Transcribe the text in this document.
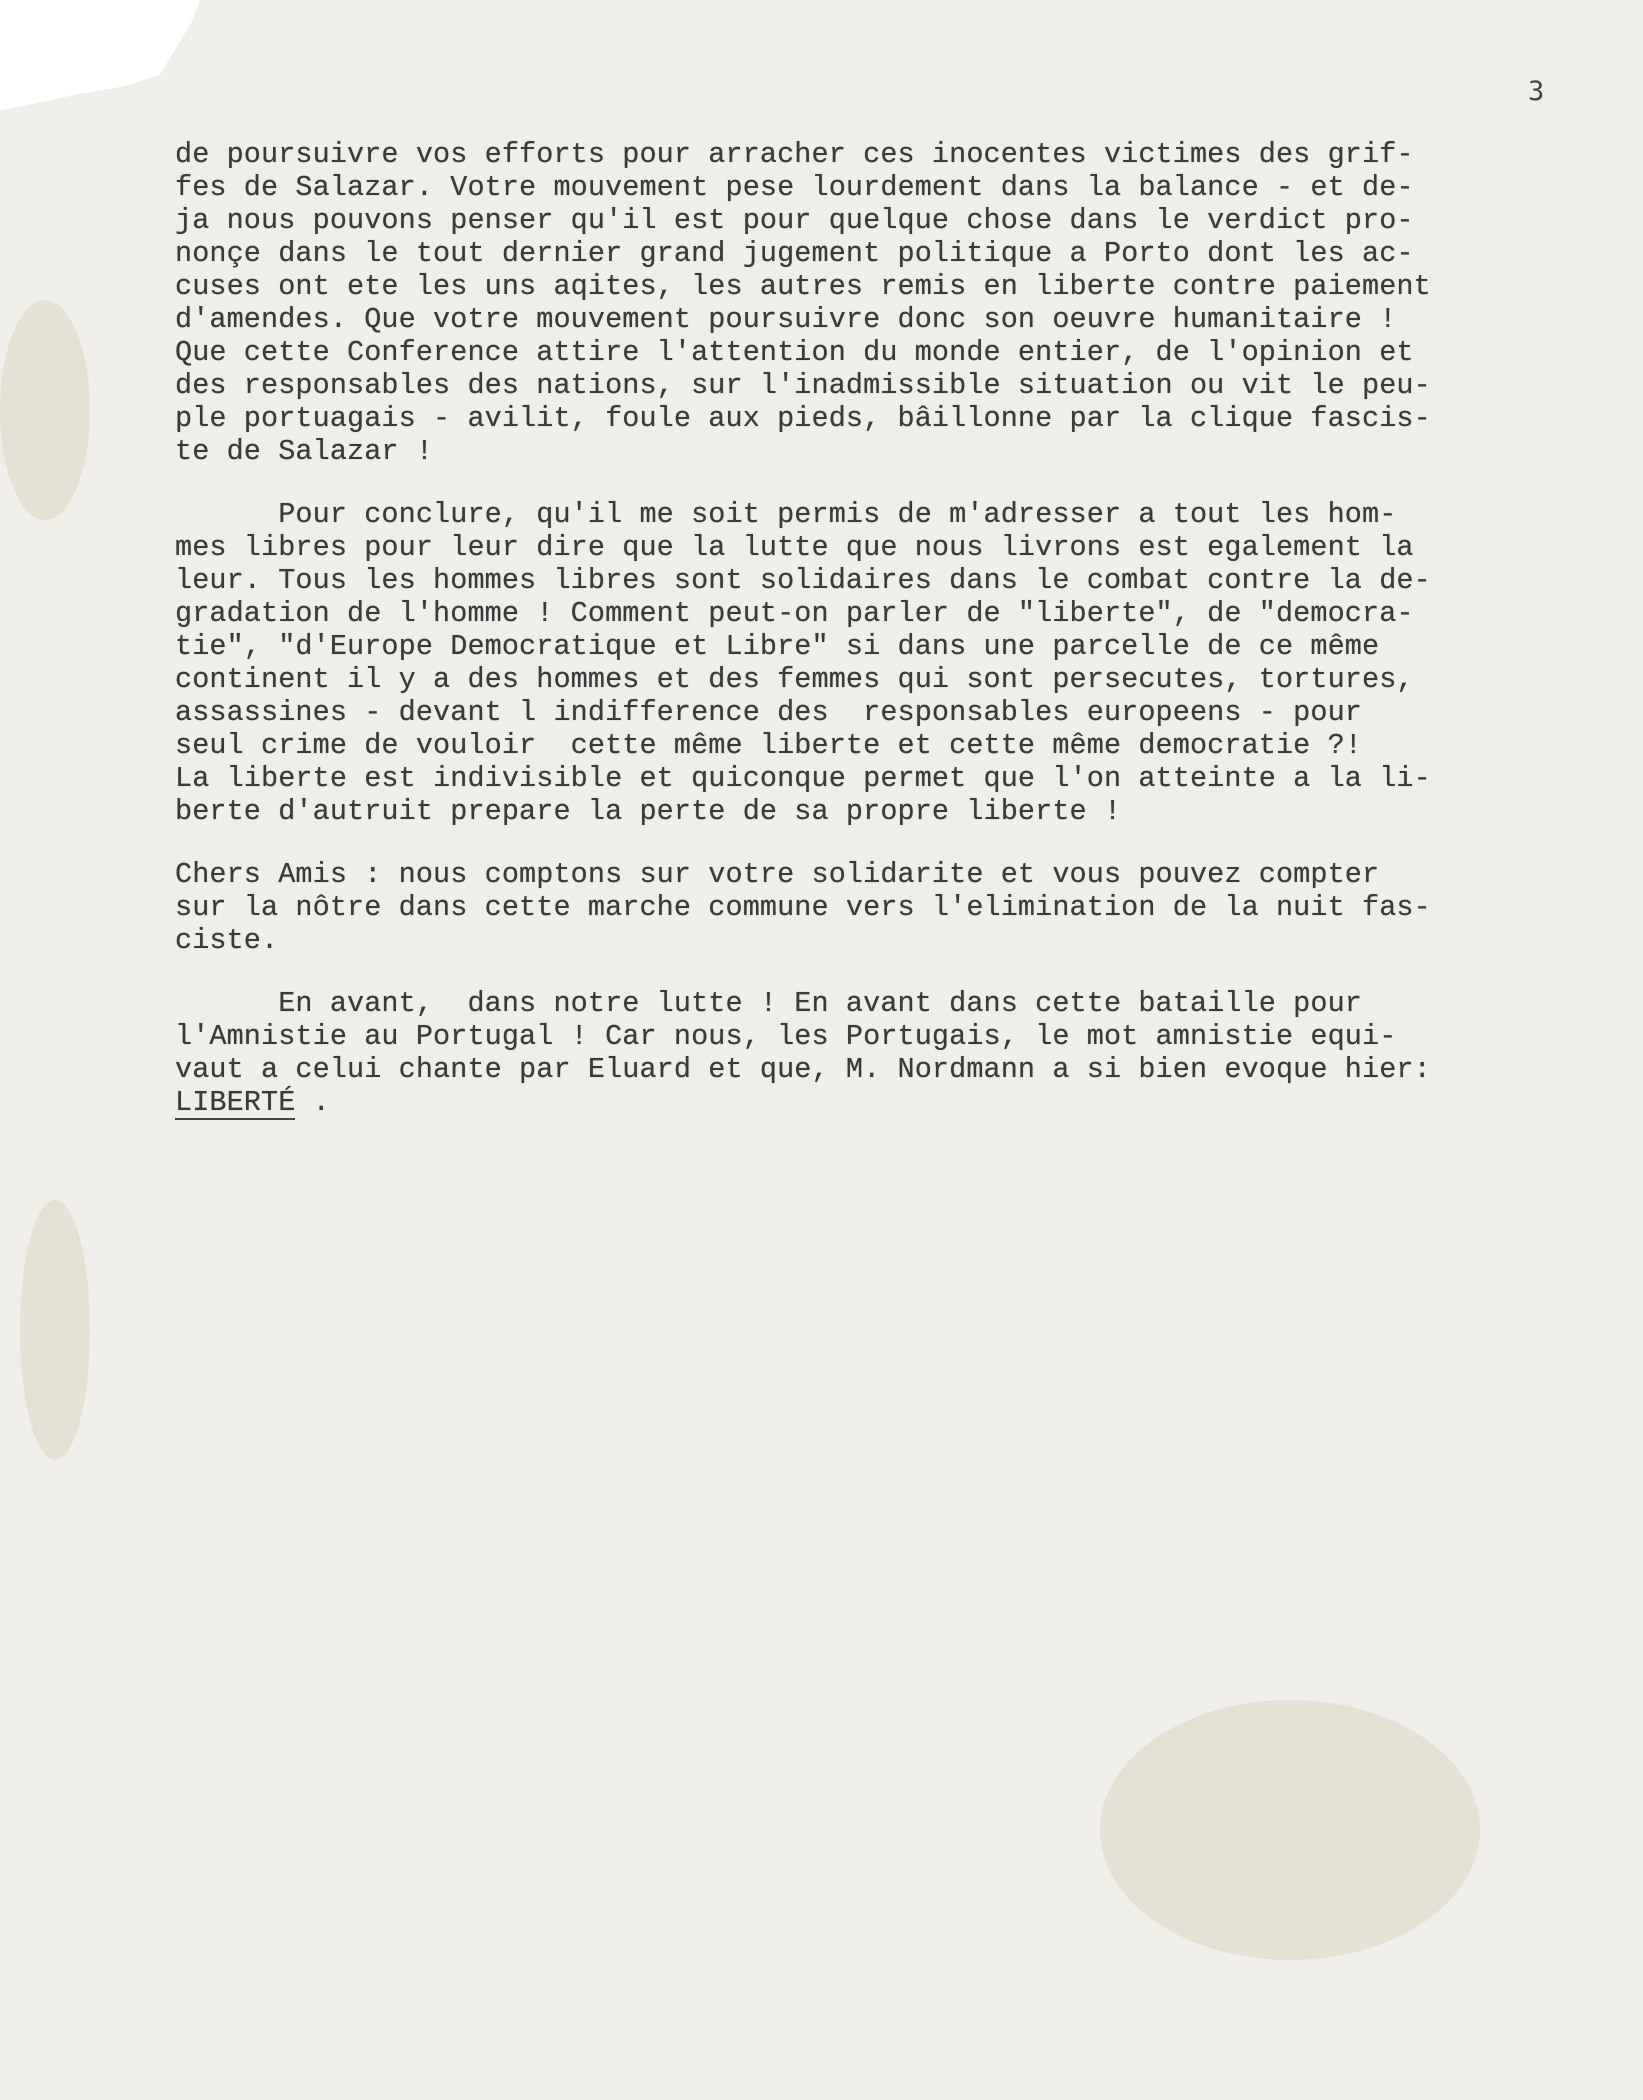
3
de poursuivre vos efforts pour arracher ces inocentes victimes des grif-
fes de Salazar. Votre mouvement pese lourdement dans la balance - et de-
ja nous pouvons penser qu'il est pour quelque chose dans le verdict pro-
nonçe dans le tout dernier grand jugement politique a Porto dont les ac-
cuses ont ete les uns aqites, les autres remis en liberte contre paiement
d'amendes. Que votre mouvement poursuivre donc son oeuvre humanitaire !
Que cette Conference attire l'attention du monde entier, de l'opinion et
des responsables des nations, sur l'inadmissible situation ou vit le peu-
ple portuagais - avilit, foule aux pieds, bâillonne par la clique fascis-
te de Salazar !
Pour conclure, qu'il me soit permis de m'adresser a tout les hom-
mes libres pour leur dire que la lutte que nous livrons est egalement la
leur. Tous les hommes libres sont solidaires dans le combat contre la de-
gradation de l'homme ! Comment peut-on parler de "liberte", de "democra-
tie", "d'Europe Democratique et Libre" si dans une parcelle de ce même
continent il y a des hommes et des femmes qui sont persecutes, tortures,
assassines - devant l indifference des  responsables europeens - pour
seul crime de vouloir  cette même liberte et cette même democratie ?!
La liberte est indivisible et quiconque permet que l'on atteinte a la li-
berte d'autruit prepare la perte de sa propre liberte !
Chers Amis : nous comptons sur votre solidarite et vous pouvez compter
sur la nôtre dans cette marche commune vers l'elimination de la nuit fas-
ciste.
En avant,  dans notre lutte ! En avant dans cette bataille pour
l'Amnistie au Portugal ! Car nous, les Portugais, le mot amnistie equi-
vaut a celui chante par Eluard et que, M. Nordmann a si bien evoque hier:
LIBERTÉ .
